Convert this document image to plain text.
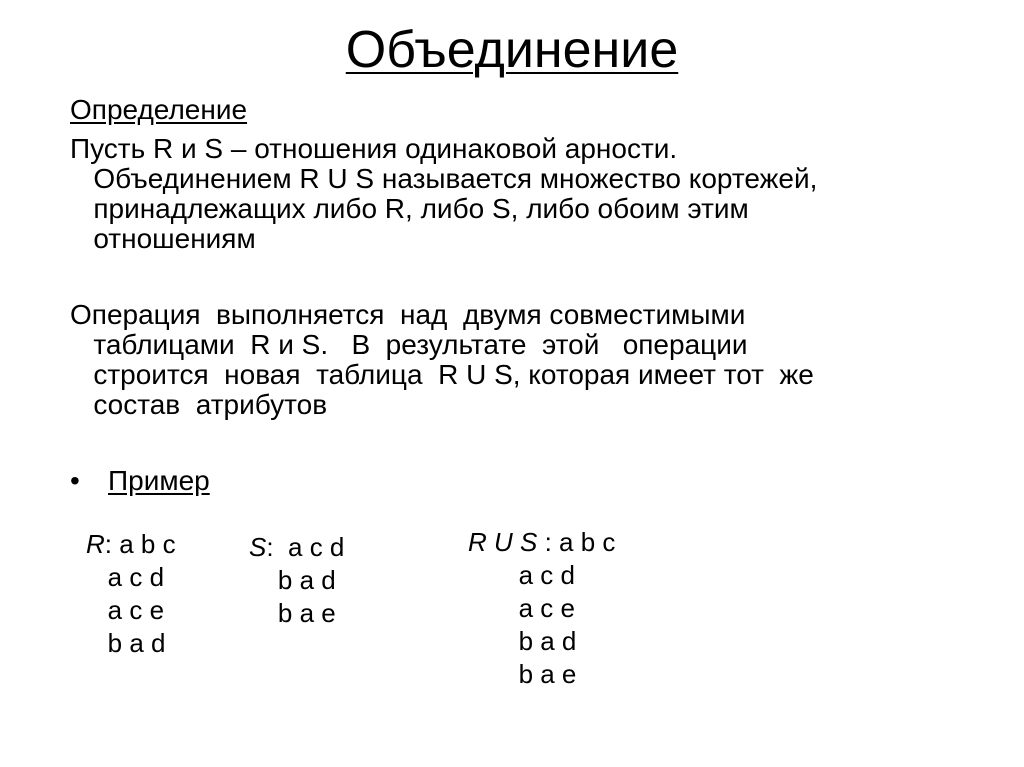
Объединение
Определение
Пусть R и S – отношения одинаковой арности.
Объединением R U S называется множество кортежей,
принадлежащих либо R, либо S, либо обоим этим
отношениям
Операция  выполняется  над  двумя совместимыми
таблицами  R и S.   В  результате  этой   операции
строится  новая  таблица  R U S, которая имеет тот  же
состав  атрибутов
• Пример
R: a b c
a c d
a c e
b a d
S:  a c d
b a d
b a e
R U S : a b c
a c d
a c e
b a d
b a e
